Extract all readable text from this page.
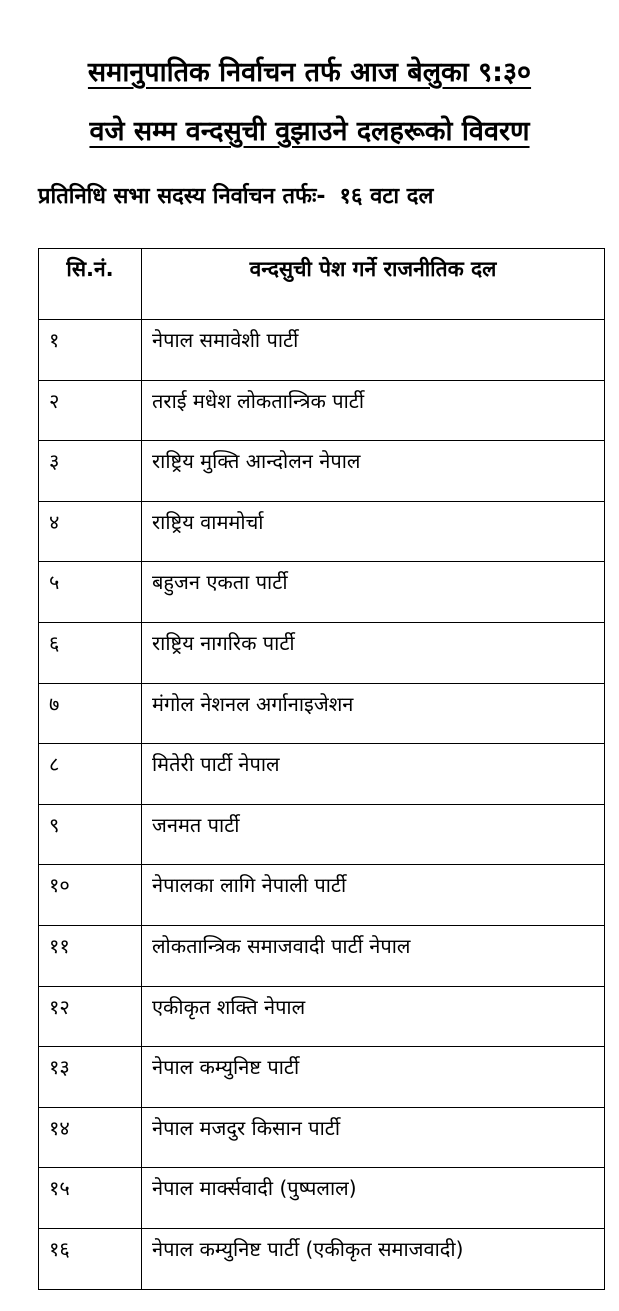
समानुपातिक निर्वाचन तर्फ आज बेलुका ९:३०
वजे सम्म वन्दसुची वुझाउने दलहरूको विवरण
प्रतिनिधि सभा सदस्य निर्वाचन तर्फः- १६ वटा दल
सि.नं.	वन्दसुची पेश गर्ने राजनीतिक दल
१	नेपाल समावेशी पार्टी
२	तराई मधेश लोकतान्त्रिक पार्टी
३	राष्ट्रिय मुक्ति आन्दोलन नेपाल
४	राष्ट्रिय वाममोर्चा
५	बहुजन एकता पार्टी
६	राष्ट्रिय नागरिक पार्टी
७	मंगोल नेशनल अर्गानाइजेशन
८	मितेरी पार्टी नेपाल
९	जनमत पार्टी
१०	नेपालका लागि नेपाली पार्टी
११	लोकतान्त्रिक समाजवादी पार्टी नेपाल
१२	एकीकृत शक्ति नेपाल
१३	नेपाल कम्युनिष्ट पार्टी
१४	नेपाल मजदुर किसान पार्टी
१५	नेपाल मार्क्सवादी (पुष्पलाल)
१६	नेपाल कम्युनिष्ट पार्टी (एकीकृत समाजवादी)
